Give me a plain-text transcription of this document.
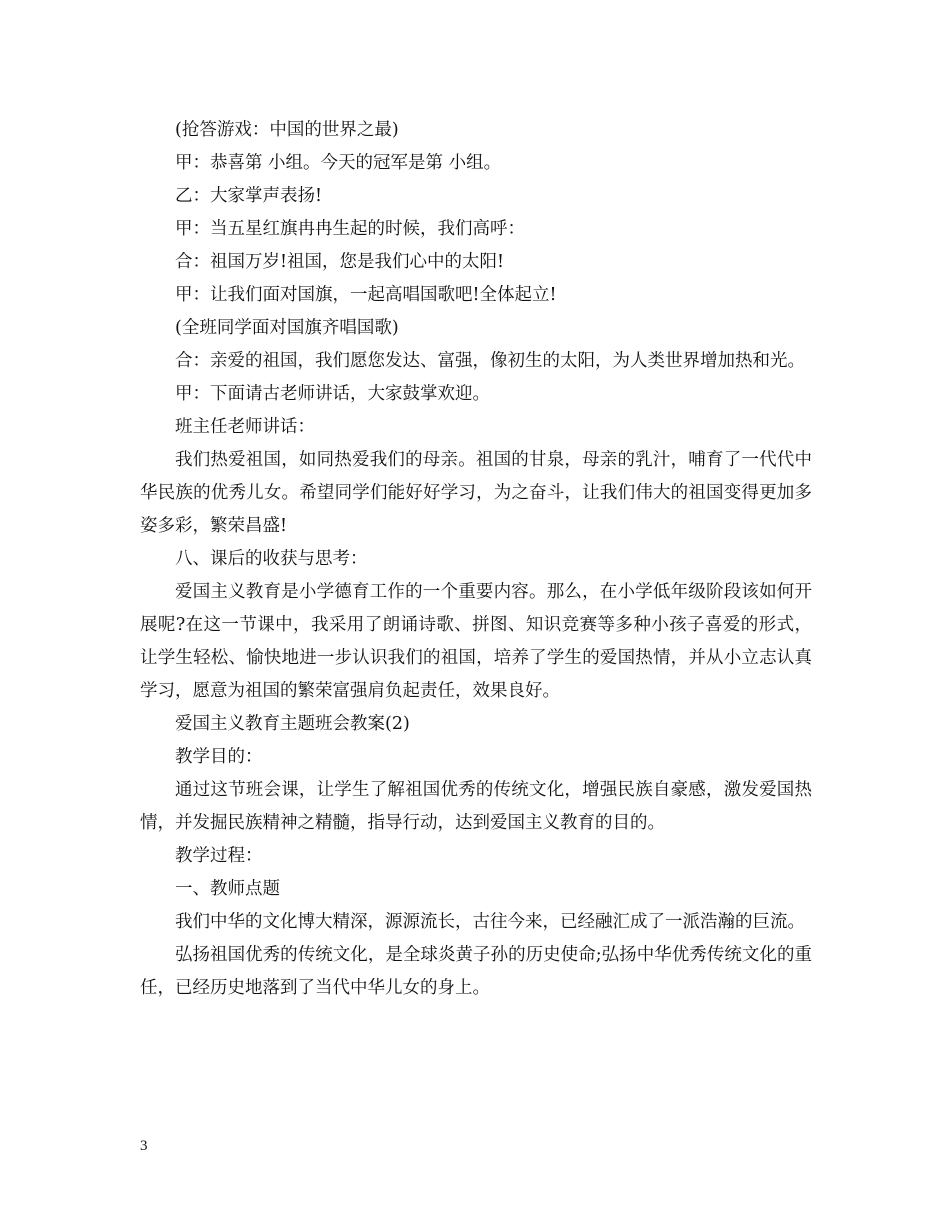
(抢答游戏：中国的世界之最)

甲：恭喜第 小组。今天的冠军是第 小组。

乙：大家掌声表扬!

甲：当五星红旗冉冉生起的时候，我们高呼：

合：祖国万岁!祖国，您是我们心中的太阳!

甲：让我们面对国旗，一起高唱国歌吧!全体起立!

(全班同学面对国旗齐唱国歌)

合：亲爱的祖国，我们愿您发达、富强，像初生的太阳，为人类世界增加热和光。

甲：下面请古老师讲话，大家鼓掌欢迎。

班主任老师讲话：

我们热爱祖国，如同热爱我们的母亲。祖国的甘泉，母亲的乳汁，哺育了一代代中华民族的优秀儿女。希望同学们能好好学习，为之奋斗，让我们伟大的祖国变得更加多姿多彩，繁荣昌盛!

八、课后的收获与思考：

爱国主义教育是小学德育工作的一个重要内容。那么，在小学低年级阶段该如何开展呢?在这一节课中，我采用了朗诵诗歌、拼图、知识竞赛等多种小孩子喜爱的形式，让学生轻松、愉快地进一步认识我们的祖国，培养了学生的爱国热情，并从小立志认真学习，愿意为祖国的繁荣富强肩负起责任，效果良好。

爱国主义教育主题班会教案(2)

教学目的：

通过这节班会课，让学生了解祖国优秀的传统文化，增强民族自豪感，激发爱国热情，并发掘民族精神之精髓，指导行动，达到爱国主义教育的目的。

教学过程：

一、教师点题

我们中华的文化博大精深，源源流长，古往今来，已经融汇成了一派浩瀚的巨流。

弘扬祖国优秀的传统文化，是全球炎黄子孙的历史使命;弘扬中华优秀传统文化的重任，已经历史地落到了当代中华儿女的身上。

3
